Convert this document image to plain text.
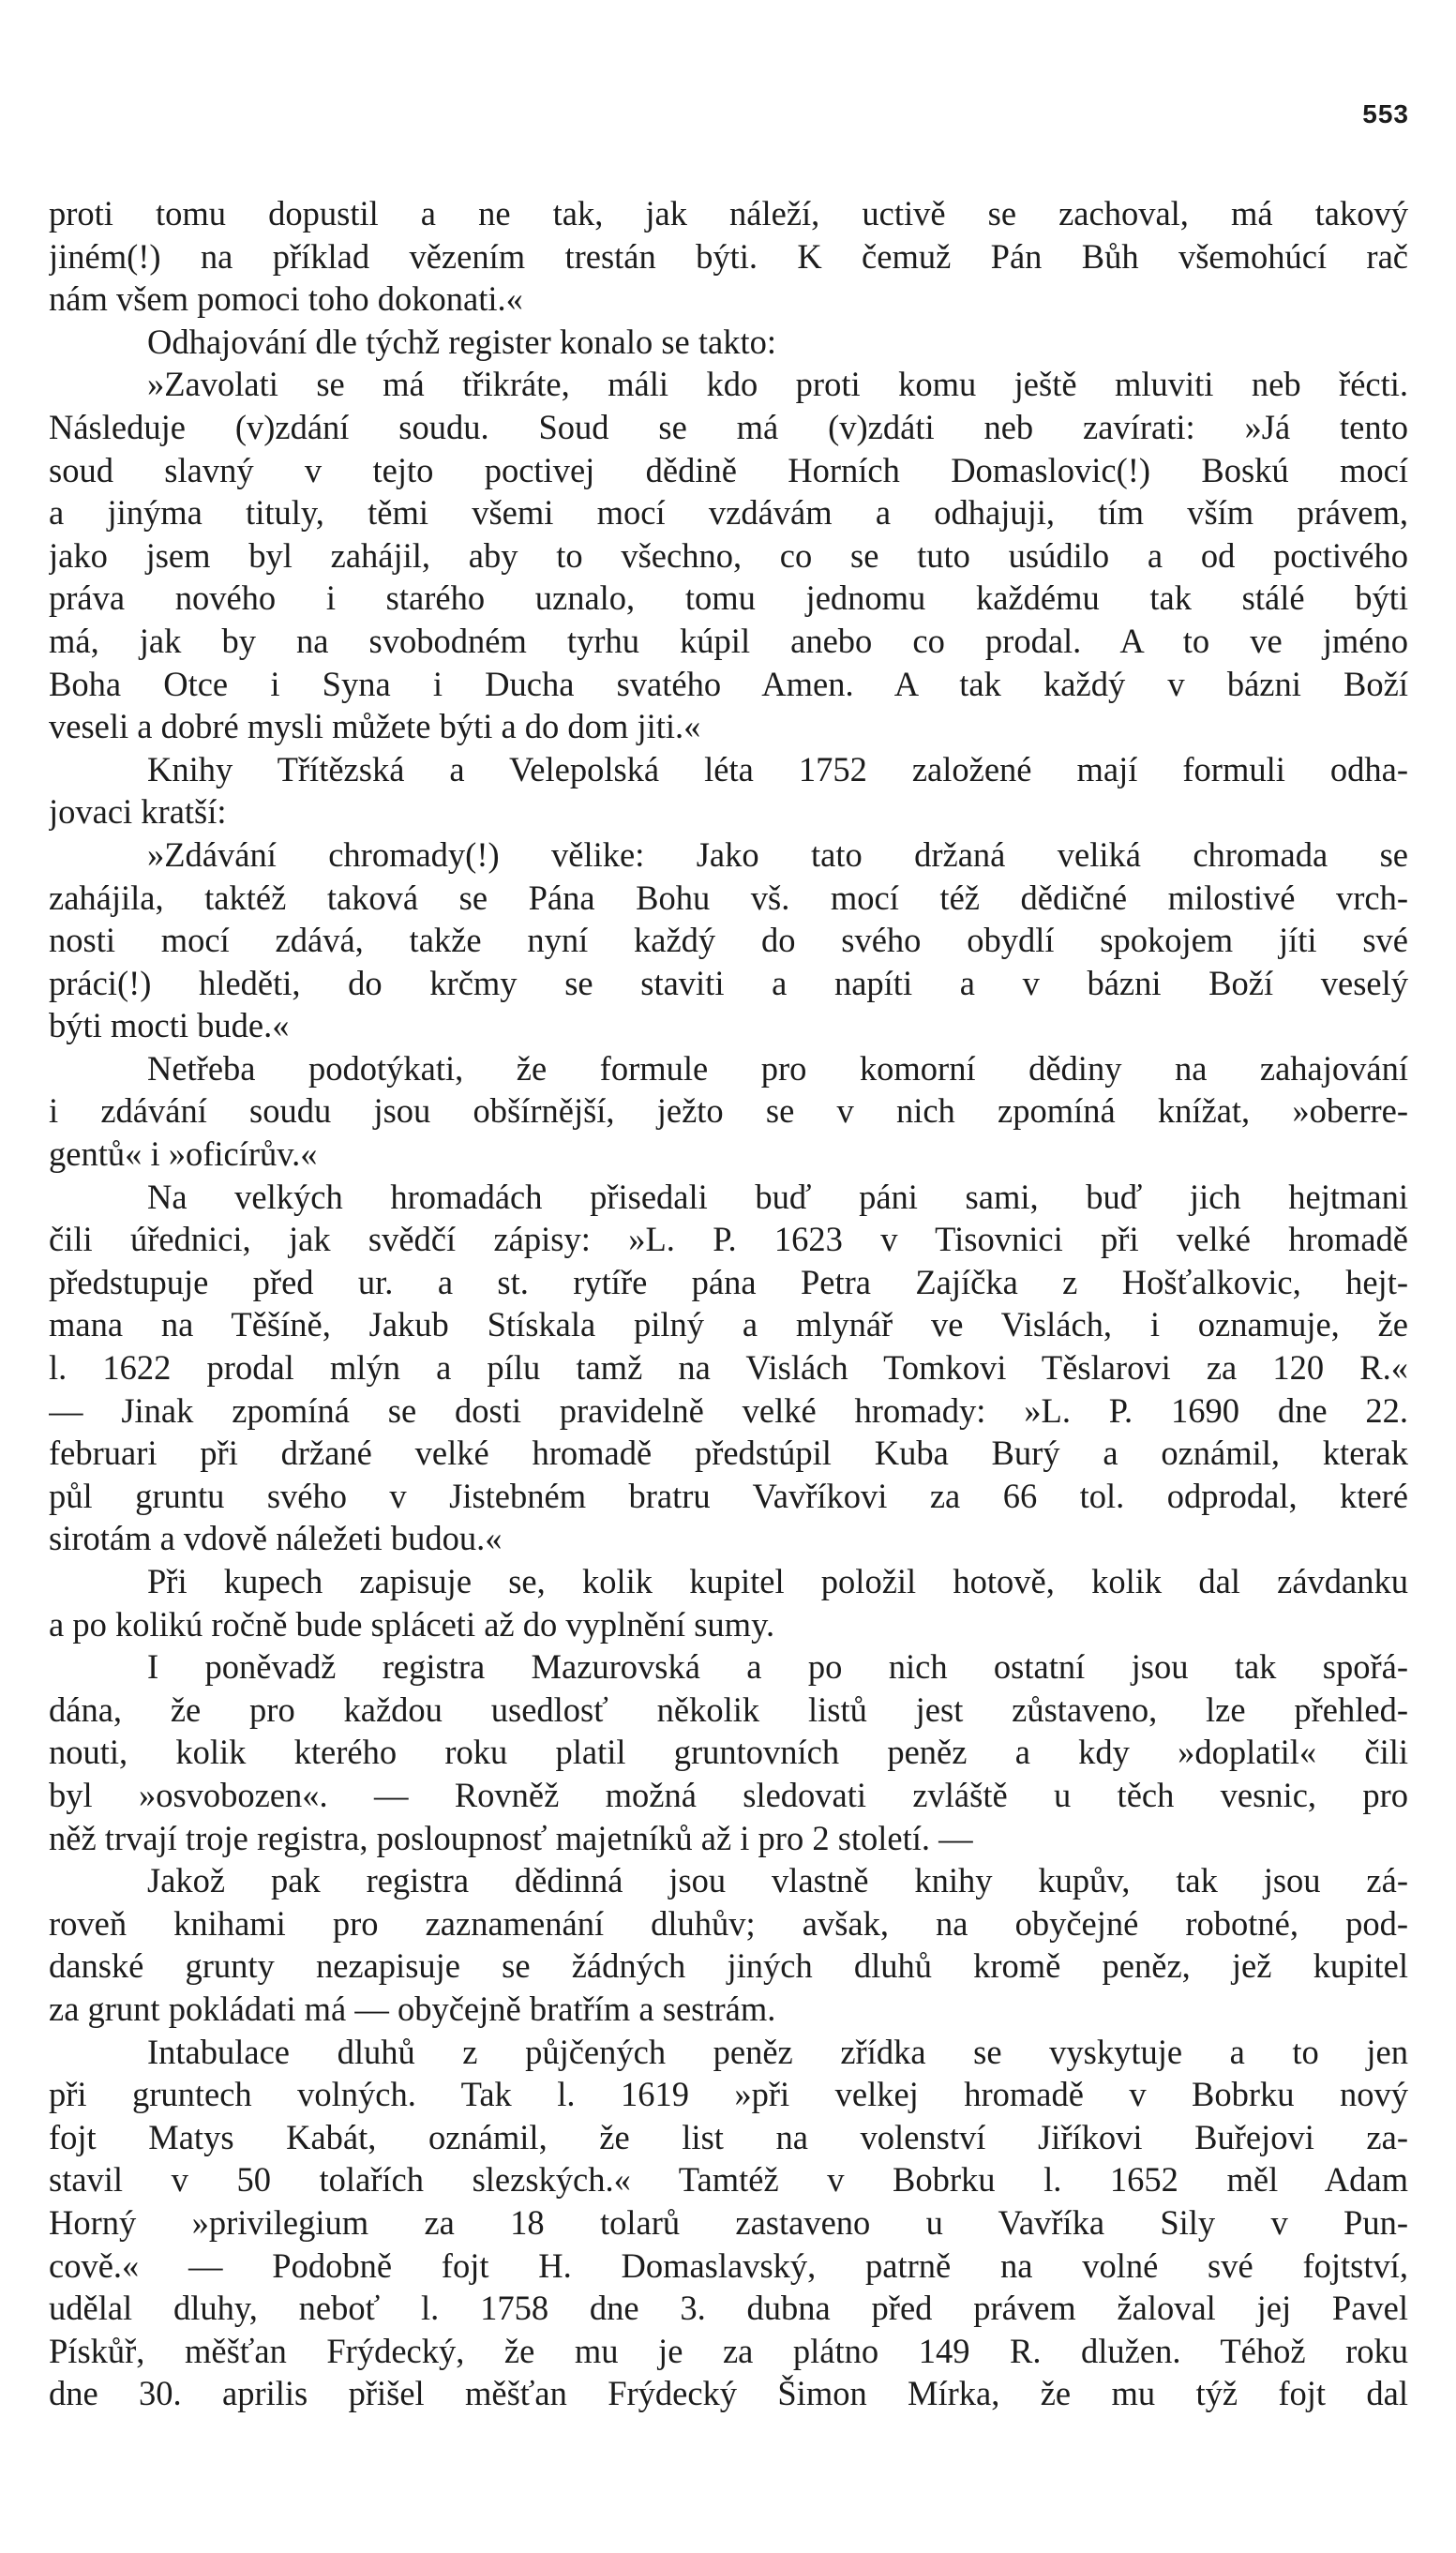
553
proti tomu dopustil a ne tak, jak náleží, uctivě se zachoval, má takový
jiném(!) na příklad vězením trestán býti. K čemuž Pán Bůh všemohúcí rač
nám všem pomoci toho dokonati.«
Odhajování dle týchž register konalo se takto:
»Zavolati se má třikráte, máli kdo proti komu ještě mluviti neb řécti.
Následuje (v)zdání soudu. Soud se má (v)zdáti neb zavírati: »Já tento
soud slavný v tejto poctivej dědině Horních Domaslovic(!) Boskú mocí
a jinýma tituly, těmi všemi mocí vzdávám a odhajuji, tím vším právem,
jako jsem byl zahájil, aby to všechno, co se tuto usúdilo a od poctivého
práva nového i starého uznalo, tomu jednomu každému tak stálé býti
má, jak by na svobodném tyrhu kúpil anebo co prodal. A to ve jméno
Boha Otce i Syna i Ducha svatého Amen. A tak každý v bázni Boží
veseli a dobré mysli můžete býti a do dom jiti.«
Knihy Třítězská a Velepolská léta 1752 založené mají formuli odha-
jovaci kratší:
»Zdávání chromady(!) vělike: Jako tato držaná veliká chromada se
zahájila, taktéž taková se Pána Bohu vš. mocí též dědičné milostivé vrch-
nosti mocí zdává, takže nyní každý do svého obydlí spokojem jíti své
práci(!) hleděti, do krčmy se staviti a napíti a v bázni Boží veselý
býti mocti bude.«
Netřeba podotýkati, že formule pro komorní dědiny na zahajování
i zdávání soudu jsou obšírnější, ježto se v nich zpomíná knížat, »oberre-
gentů« i »oficírův.«
Na velkých hromadách přisedali buď páni sami, buď jich hejtmani
čili úřednici, jak svědčí zápisy: »L. P. 1623 v Tisovnici při velké hromadě
předstupuje před ur. a st. rytíře pána Petra Zajíčka z Hošťalkovic, hejt-
mana na Těšíně, Jakub Stískala pilný a mlynář ve Vislách, i oznamuje, že
l. 1622 prodal mlýn a pílu tamž na Vislách Tomkovi Těslarovi za 120 R.«
— Jinak zpomíná se dosti pravidelně velké hromady: »L. P. 1690 dne 22.
februari při držané velké hromadě předstúpil Kuba Burý a oznámil, kterak
půl gruntu svého v Jistebném bratru Vavříkovi za 66 tol. odprodal, které
sirotám a vdově náležeti budou.«
Při kupech zapisuje se, kolik kupitel položil hotově, kolik dal závdanku
a po kolikú ročně bude spláceti až do vyplnění sumy.
I poněvadž registra Mazurovská a po nich ostatní jsou tak spořá-
dána, že pro každou usedlosť několik listů jest zůstaveno, lze přehled-
nouti, kolik kterého roku platil gruntovních peněz a kdy »doplatil« čili
byl »osvobozen«. — Rovněž možná sledovati zvláště u těch vesnic, pro
něž trvají troje registra, posloupnosť majetníků až i pro 2 století. —
Jakož pak registra dědinná jsou vlastně knihy kupův, tak jsou zá-
roveň knihami pro zaznamenání dluhův; avšak, na obyčejné robotné, pod-
danské grunty nezapisuje se žádných jiných dluhů kromě peněz, jež kupitel
za grunt pokládati má — obyčejně bratřím a sestrám.
Intabulace dluhů z půjčených peněz zřídka se vyskytuje a to jen
při gruntech volných. Tak l. 1619 »při velkej hromadě v Bobrku nový
fojt Matys Kabát, oznámil, že list na volenství Jiříkovi Buřejovi za-
stavil v 50 tolařích slezských.« Tamtéž v Bobrku l. 1652 měl Adam
Horný »privilegium za 18 tolarů zastaveno u Vavříka Sily v Pun-
cově.« — Podobně fojt H. Domaslavský, patrně na volné své fojtství,
udělal dluhy, neboť l. 1758 dne 3. dubna před právem žaloval jej Pavel
Pískůř, měšťan Frýdecký, že mu je za plátno 149 R. dlužen. Téhož roku
dne 30. aprilis přišel měšťan Frýdecký Šimon Mírka, že mu týž fojt dal
